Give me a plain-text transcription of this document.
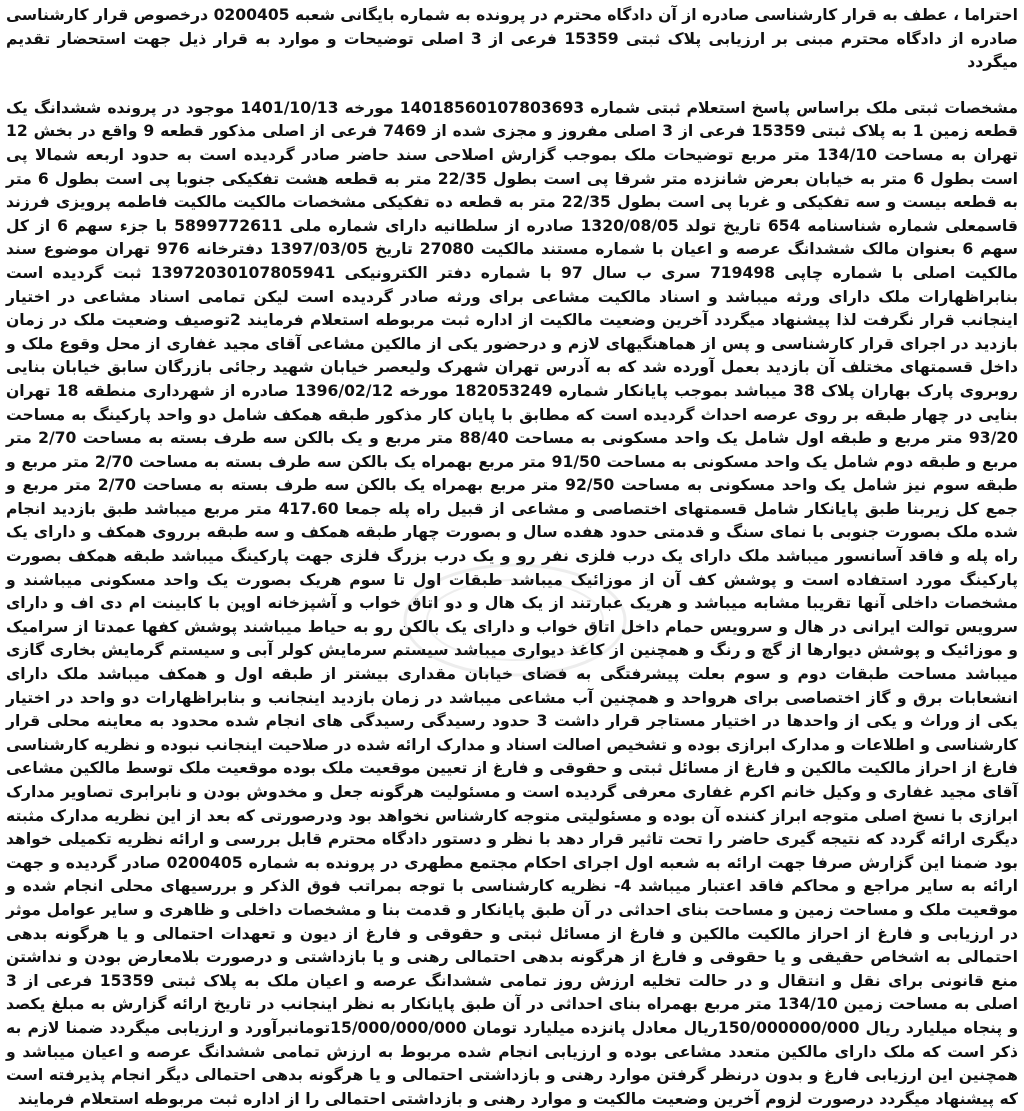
احتراما ، عطف به قرار کارشناسی صادره از آن دادگاه محترم در پرونده به شماره بایگانی شعبه 0200405 درخصوص قرار کارشناسی صادره از دادگاه محترم مبنی بر ارزیابی پلاک ثبتی 15359 فرعی از 3 اصلی توضیحات و موارد به قرار ذیل جهت استحضار تقدیم میگردد

مشخصات ثبتی ملک براساس پاسخ استعلام ثبتی شماره 14018560107803693 مورخه 1401/10/13 موجود در پرونده ششدانگ یک قطعه زمین 1 به پلاک ثبتی 15359 فرعی از 3 اصلی مفروز و مجزی شده از 7469 فرعی از اصلی مذکور قطعه 9 واقع در بخش 12 تهران به مساحت 134/10 متر مربع توضیحات ملک بموجب گزارش اصلاحی سند حاضر صادر گردیده است به حدود اربعه شمالا پی است بطول 6 متر به خیابان بعرض شانزده متر شرقا پی است بطول 22/35 متر به قطعه هشت تفکیکی جنوبا پی است بطول 6 متر به قطعه بیست و سه تفکیکی و غربا پی است بطول 22/35 متر به قطعه ده تفکیکی مشخصات مالکیت مالکیت فاطمه پرویزی فرزند قاسمعلی شماره شناسنامه 654 تاریخ تولد 1320/08/05 صادره از سلطانیه دارای شماره ملی 5899772611 با جزء سهم 6 از کل سهم 6 بعنوان مالک ششدانگ عرصه و اعیان با شماره مستند مالکیت 27080 تاریخ 1397/03/05 دفترخانه 976 تهران موضوع سند مالکیت اصلی با شماره چاپی 719498 سری ب سال 97 با شماره دفتر الکترونیکی 13972030107805941 ثبت گردیده است بنابراظهارات ملک دارای ورثه میباشد و اسناد مالکیت مشاعی برای ورثه صادر گردیده است لیکن تمامی اسناد مشاعی در اختیار اینجانب قرار نگرفت لذا پیشنهاد میگردد آخرین وضعیت مالکیت از اداره ثبت مربوطه استعلام فرمایند 2توصیف وضعیت ملک در زمان بازدید در اجرای قرار کارشناسی و پس از هماهنگیهای لازم و درحضور یکی از مالکین مشاعی آقای مجید غفاری از محل وقوع ملک و داخل قسمتهای مختلف آن بازدید بعمل آورده شد که به آدرس تهران شهرک ولیعصر خیابان شهید رجائی بازرگان سابق خیابان بنایی روبروی پارک بهاران پلاک 38 میباشد بموجب پایانکار شماره 182053249 مورخه 1396/02/12 صادره از شهرداری منطقه 18 تهران بنایی در چهار طبقه بر روی عرصه احداث گردیده است که مطابق با پایان کار مذکور طبقه همکف شامل دو واحد پارکینگ به مساحت 93/20 متر مربع و طبقه اول شامل یک واحد مسکونی به مساحت 88/40 متر مربع و یک بالکن سه طرف بسته به مساحت 2/70 متر مربع و طبقه دوم شامل یک واحد مسکونی به مساحت 91/50 متر مربع بهمراه یک بالکن سه طرف بسته به مساحت 2/70 متر مربع و طبقه سوم نیز شامل یک واحد مسکونی به مساحت 92/50 متر مربع بهمراه یک بالکن سه طرف بسته به مساحت 2/70 متر مربع و جمع کل زیربنا طبق پایانکار شامل قسمتهای اختصاصی و مشاعی از قبیل راه پله جمعا 417.60 متر مربع میباشد طبق بازدید انجام شده ملک بصورت جنوبی با نمای سنگ و قدمتی حدود هفده سال و بصورت چهار طبقه همکف و سه طبقه برروی همکف و دارای یک راه پله و فاقد آسانسور میباشد ملک دارای یک درب فلزی نفر رو و یک درب بزرگ فلزی جهت پارکینگ میباشد طبقه همکف بصورت پارکینگ مورد استفاده است و پوشش کف آن از موزائیک میباشد طبقات اول تا سوم هریک بصورت یک واحد مسکونی میباشند و مشخصات داخلی آنها تقریبا مشابه میباشد و هریک عبارتند از یک هال و دو اتاق خواب و آشپزخانه اوپن با کابینت ام دی اف و دارای سرویس توالت ایرانی در هال و سرویس حمام داخل اتاق خواب و دارای یک بالکن رو به حیاط میباشند پوشش کفها عمدتا از سرامیک و موزائیک و پوشش دیوارها از گچ و رنگ و همچنین از کاغذ دیواری میباشد سیستم سرمایش کولر آبی و سیستم گرمایش بخاری گازی میباشد مساحت طبقات دوم و سوم بعلت پیشرفتگی به فضای خیابان مقداری بیشتر از طبقه اول و همکف میباشد ملک دارای انشعابات برق و گاز اختصاصی برای هرواحد و همچنین آب مشاعی میباشد در زمان بازدید اینجانب و بنابراظهارات دو واحد در اختیار یکی از وراث و یکی از واحدها در اختیار مستاجر قرار داشت 3 حدود رسیدگی رسیدگی های انجام شده محدود به معاینه محلی قرار کارشناسی و اطلاعات و مدارک ابرازی بوده و تشخیص اصالت اسناد و مدارک ارائه شده در صلاحیت اینجانب نبوده و نظریه کارشناسی فارغ از احراز مالکیت مالکین و فارغ از مسائل ثبتی و حقوقی و فارغ از تعیین موقعیت ملک بوده موقعیت ملک توسط مالکین مشاعی آقای مجید غفاری و وکیل خانم اکرم غفاری معرفی گردیده است و مسئولیت هرگونه جعل و مخدوش بودن و نابرابری تصاویر مدارک ابرازی با نسخ اصلی متوجه ابراز کننده آن بوده و مسئولیتی متوجه کارشناس نخواهد بود ودرصورتی که بعد از این نظریه مدارک مثبته دیگری ارائه گردد که نتیجه گیری حاضر را تحت تاثیر قرار دهد با نظر و دستور دادگاه محترم قابل بررسی و ارائه نظریه تکمیلی خواهد بود ضمنا این گزارش صرفا جهت ارائه به شعبه اول اجرای احکام مجتمع مطهری در پرونده به شماره 0200405 صادر گردیده و جهت ارائه به سایر مراجع و محاکم فاقد اعتبار میباشد 4- نظریه کارشناسی با توجه بمراتب فوق الذکر و بررسیهای محلی انجام شده و موقعیت ملک و مساحت زمین و مساحت بنای احداثی در آن طبق پایانکار و قدمت بنا و مشخصات داخلی و ظاهری و سایر عوامل موثر در ارزیابی و فارغ از احراز مالکیت مالکین و فارغ از مسائل ثبتی و حقوقی و فارغ از دیون و تعهدات احتمالی و یا هرگونه بدهی احتمالی به اشخاص حقیقی و یا حقوقی و فارغ از هرگونه بدهی احتمالی رهنی و یا بازداشتی و درصورت بلامعارض بودن و نداشتن منع قانونی برای نقل و انتقال و در حالت تخلیه ارزش روز تمامی ششدانگ عرصه و اعیان ملک به پلاک ثبتی 15359 فرعی از 3 اصلی به مساحت زمین 134/10 متر مربع بهمراه بنای احداثی در آن طبق پایانکار به نظر اینجانب در تاریخ ارائه گزارش به مبلغ یکصد و پنجاه میلیارد ریال 150/000000/000ریال معادل پانزده میلیارد تومان 15/000/000/000تومانبرآورد و ارزیابی میگردد ضمنا لازم به ذکر است که ملک دارای مالکین متعدد مشاعی بوده و ارزیابی انجام شده مربوط به ارزش تمامی ششدانگ عرصه و اعیان میباشد و همچنین این ارزیابی فارغ و بدون درنظر گرفتن موارد رهنی و بازداشتی احتمالی و یا هرگونه بدهی احتمالی دیگر انجام پذیرفته است که پیشنهاد میگردد درصورت لزوم آخرین وضعیت مالکیت و موارد رهنی و بازداشتی احتمالی را از اداره ثبت مربوطه استعلام فرمایند
